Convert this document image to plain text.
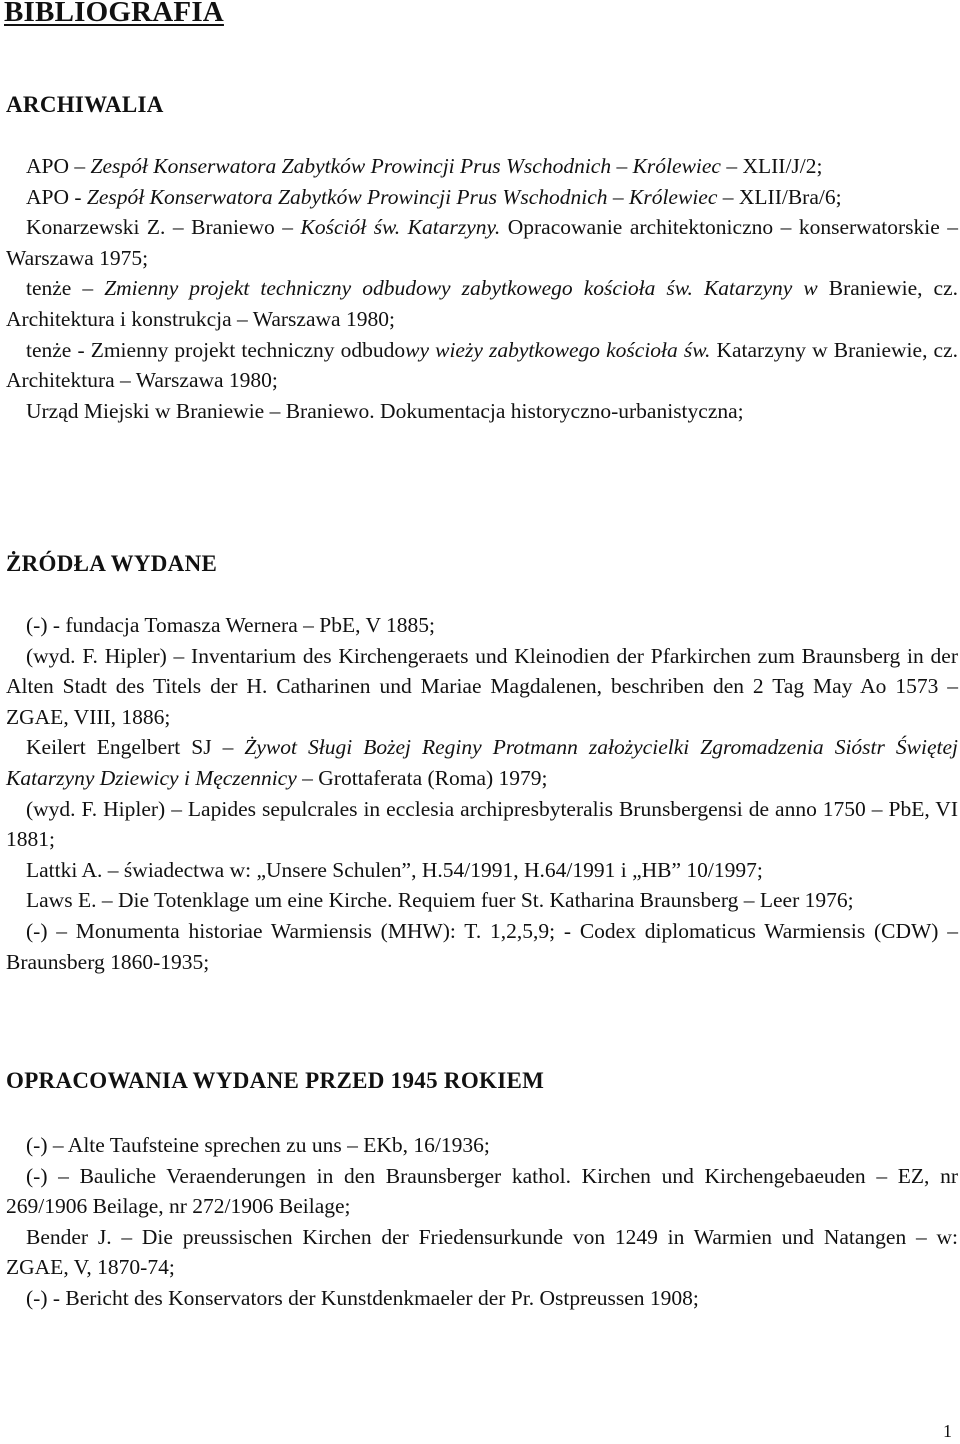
BIBLIOGRAFIA
ARCHIWALIA

APO – Zespół Konserwatora Zabytków Prowincji Prus Wschodnich – Królewiec – XLII/J/2;

APO - Zespół Konserwatora Zabytków Prowincji Prus Wschodnich – Królewiec – XLII/Bra/6;

Konarzewski Z. – Braniewo – Kościół św. Katarzyny. Opracowanie architektoniczno – konserwatorskie – Warszawa 1975;

tenże – Zmienny projekt techniczny odbudowy zabytkowego kościoła św. Katarzyny w Braniewie, cz. Architektura i konstrukcja – Warszawa 1980;

tenże - Zmienny projekt techniczny odbudowy wieży zabytkowego kościoła św. Katarzyny w Braniewie, cz. Architektura – Warszawa 1980;

Urząd Miejski w Braniewie – Braniewo. Dokumentacja historyczno-urbanistyczna;

ŻRÓDŁA WYDANE

(-) - fundacja Tomasza Wernera – PbE, V 1885;

(wyd. F. Hipler) – Inventarium des Kirchengeraets und Kleinodien der Pfarkirchen zum Braunsberg in der Alten Stadt des Titels der H. Catharinen und Mariae Magdalenen, beschriben den 2 Tag May Ao 1573 – ZGAE, VIII, 1886;

Keilert Engelbert SJ – Żywot Sługi Bożej Reginy Protmann założycielki Zgromadzenia Sióstr Świętej Katarzyny Dziewicy i Męczennicy – Grottaferata (Roma) 1979;

(wyd. F. Hipler) – Lapides sepulcrales in ecclesia archipresbyteralis Brunsbergensi de anno 1750 – PbE, VI 1881;

Lattki A. – świadectwa w: „Unsere Schulen”, H.54/1991, H.64/1991 i „HB” 10/1997;

Laws E. – Die Totenklage um eine Kirche. Requiem fuer St. Katharina Braunsberg – Leer 1976;

(-) – Monumenta historiae Warmiensis (MHW): T. 1,2,5,9; - Codex diplomaticus Warmiensis (CDW) – Braunsberg 1860-1935;

OPRACOWANIA WYDANE PRZED 1945 ROKIEM

(-) – Alte Taufsteine sprechen zu uns – EKb, 16/1936;

(-) – Bauliche Veraenderungen in den Braunsberger kathol. Kirchen und Kirchengebaeuden – EZ, nr 269/1906 Beilage, nr 272/1906 Beilage;

Bender J. – Die preussischen Kirchen der Friedensurkunde von 1249 in Warmien und Natangen – w: ZGAE, V, 1870-74;

(-) - Bericht des Konservators der Kunstdenkmaeler der Pr. Ostpreussen 1908;

1
